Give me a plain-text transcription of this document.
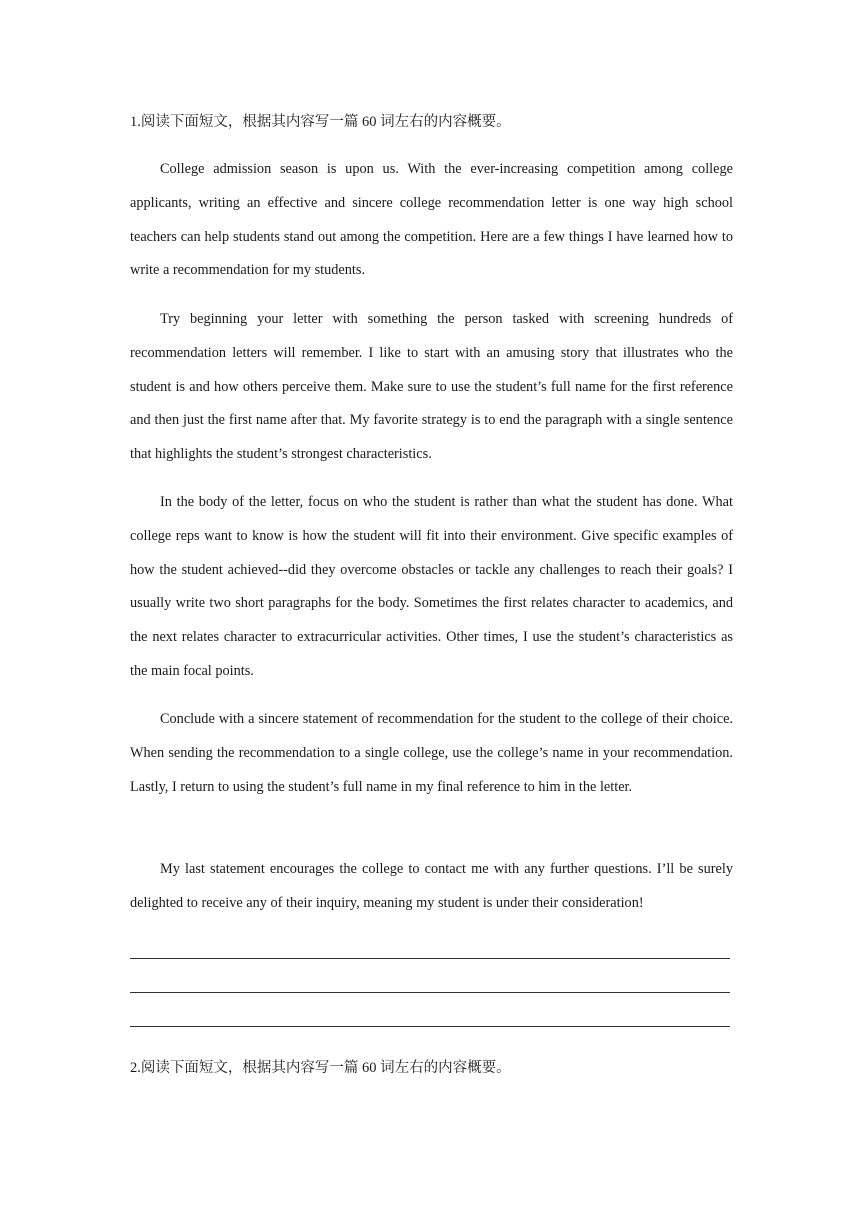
1.阅读下面短文，根据其内容写一篇 60 词左右的内容概要。

College admission season is upon us. With the ever-increasing competition among college applicants, writing an effective and sincere college recommendation letter is one way high school teachers can help students stand out among the competition. Here are a few things I have learned how to write a recommendation for my students.

Try beginning your letter with something the person tasked with screening hundreds of recommendation letters will remember. I like to start with an amusing story that illustrates who the student is and how others perceive them. Make sure to use the student’s full name for the first reference and then just the first name after that. My favorite strategy is to end the paragraph with a single sentence that highlights the student’s strongest characteristics.

In the body of the letter, focus on who the student is rather than what the student has done. What college reps want to know is how the student will fit into their environment. Give specific examples of how the student achieved--did they overcome obstacles or tackle any challenges to reach their goals? I usually write two short paragraphs for the body. Sometimes the first relates character to academics, and the next relates character to extracurricular activities. Other times, I use the student’s characteristics as the main focal points.

Conclude with a sincere statement of recommendation for the student to the college of their choice. When sending the recommendation to a single college, use the college’s name in your recommendation. Lastly, I return to using the student’s full name in my final reference to him in the letter.

My last statement encourages the college to contact me with any further questions. I’ll be surely delighted to receive any of their inquiry, meaning my student is under their consideration!

2.阅读下面短文，根据其内容写一篇 60 词左右的内容概要。
